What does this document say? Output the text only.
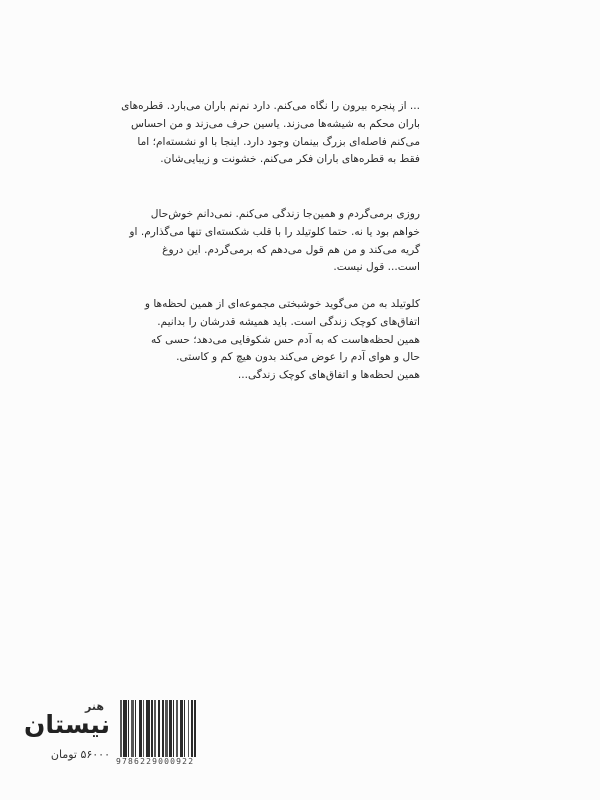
... از پنجره بیرون را نگاه می‌کنم. دارد نم‌نم باران می‌بارد. قطره‌های
باران محکم به شیشه‌ها می‌زند. یاسین حرف می‌زند و من احساس
می‌کنم فاصله‌ای بزرگ بینمان وجود دارد. اینجا با او نشسته‌ام؛ اما
فقط به قطره‌های باران فکر می‌کنم. خشونت و زیبایی‌شان.
روزی برمی‌گردم و همین‌جا زندگی می‌کنم. نمی‌دانم خوش‌حال
خواهم بود یا نه. حتما کلوتیلد را با قلب شکسته‌ای تنها می‌گذارم. او
گریه می‌کند و من هم قول می‌دهم که برمی‌گردم. این دروغ
است... قول نیست.
کلوتیلد به من می‌گوید خوشبختی مجموعه‌ای از همین لحظه‌ها و
اتفاق‌های کوچک زندگی است. باید همیشه قدرشان را بدانیم.
همین لحظه‌هاست که به آدم حس شکوفایی می‌دهد؛ حسی که
حال و هوای آدم را عوض می‌کند بدون هیچ کم و کاستی.
همین لحظه‌ها و اتفاق‌های کوچک زندگی...
هنر
نیستان
۵۶۰۰۰ تومان
9786229000922
